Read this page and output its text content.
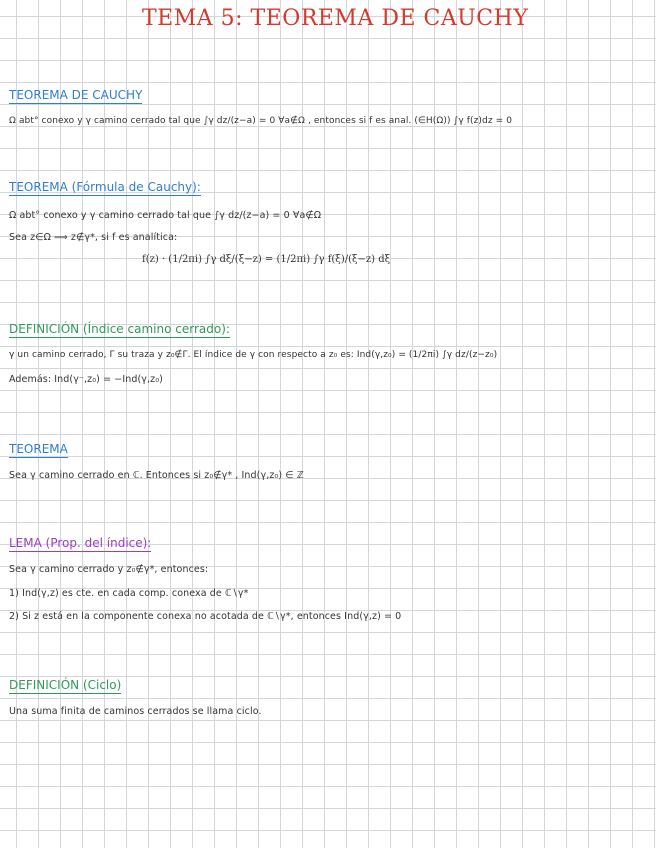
TEMA 5: TEOREMA DE CAUCHY
TEOREMA DE CAUCHY
Ω abt° conexo y γ camino cerrado tal que ∫γ dz/(z−a) = 0 ∀a∉Ω , entonces si f es anal. (∈H(Ω)) ∫γ f(z)dz = 0
TEOREMA (Fórmula de Cauchy):
Ω abt° conexo y γ camino cerrado tal que ∫γ dz/(z−a) = 0 ∀a∉Ω
Sea z∈Ω ⟹ z∉γ*, si f es analítica:
f(z) · (1/2πi) ∫γ dξ/(ξ−z) = (1/2πi) ∫γ f(ξ)/(ξ−z) dξ
DEFINICIÓN (Índice camino cerrado):
γ un camino cerrado, Γ su traza y z₀∉Γ. El índice de γ con respecto a z₀ es: Ind(γ,z₀) = (1/2πi) ∫γ dz/(z−z₀)
Además: Ind(γ⁻,z₀) = −Ind(γ,z₀)
TEOREMA
Sea γ camino cerrado en ℂ. Entonces si z₀∉γ* , Ind(γ,z₀) ∈ ℤ
LEMA (Prop. del índice):
Sea γ camino cerrado y z₀∉γ*, entonces:
1) Ind(γ,z) es cte. en cada comp. conexa de ℂ∖γ*
2) Si z está en la componente conexa no acotada de ℂ∖γ*, entonces Ind(γ,z) = 0
DEFINICIÓN (Ciclo)
Una suma finita de caminos cerrados se llama ciclo.
